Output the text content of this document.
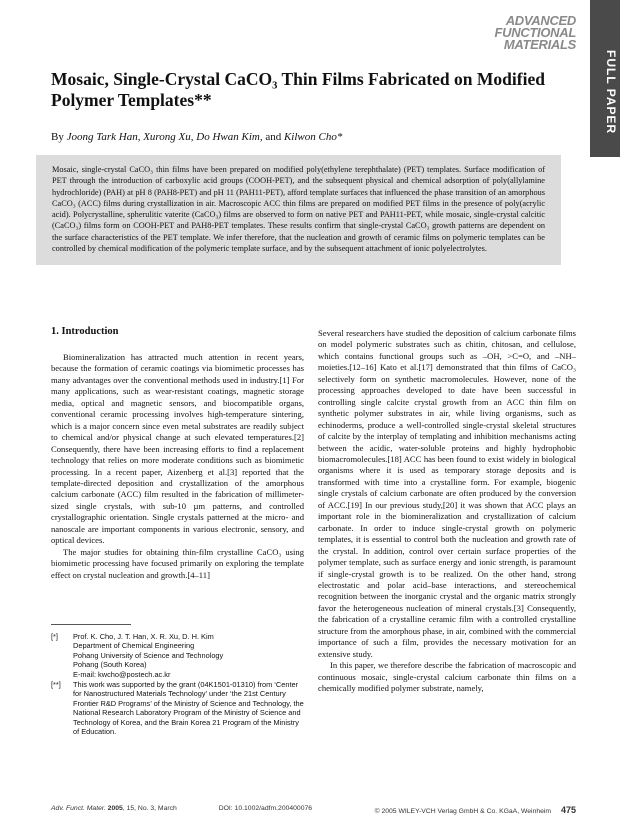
ADVANCED
FUNCTIONAL
MATERIALS
FULL PAPER
Mosaic, Single-Crystal CaCO₃ Thin Films Fabricated on Modified Polymer Templates**
By Joong Tark Han, Xurong Xu, Do Hwan Kim, and Kilwon Cho*
Mosaic, single-crystal CaCO₃ thin films have been prepared on modified poly(ethylene terephthalate) (PET) templates. Surface modification of PET through the introduction of carboxylic acid groups (COOH-PET), and the subsequent physical and chemical adsorption of poly(allylamine hydrochloride) (PAH) at pH 8 (PAH8-PET) and pH 11 (PAH11-PET), afford template surfaces that influenced the phase transition of an amorphous CaCO₃ (ACC) films during crystallization in air. Macroscopic ACC thin films are prepared on modified PET films in the presence of poly(acrylic acid). Polycrystalline, spherulitic vaterite (CaCO₃) films are observed to form on native PET and PAH11-PET, while mosaic, single-crystal calcitic (CaCO₃) films form on COOH-PET and PAH8-PET templates. These results confirm that single-crystal CaCO₃ growth patterns are dependent on the surface characteristics of the PET template. We infer therefore, that the nucleation and growth of ceramic films on polymeric templates can be controlled by chemical modification of the polymeric template surface, and by the subsequent attachment of ionic polyelectrolytes.
1. Introduction

Biomineralization has attracted much attention in recent years, because the formation of ceramic coatings via biomimetic processes has many advantages over the conventional methods used in industry.[1] For many applications, such as wear-resistant coatings, magnetic storage media, optical and magnetic sensors, and biocompatible organs, conventional ceramic processing involves high-temperature sintering, which is a major concern since even metal substrates are readily subject to chemical and/or physical change at such elevated temperatures.[2] Consequently, there have been increasing efforts to find a replacement technology that relies on more moderate conditions such as biomimetic processing. In a recent paper, Aizenberg et al.[3] reported that the template-directed deposition and crystallization of the amorphous calcium carbonate (ACC) film resulted in the fabrication of millimeter-sized single crystals, with sub-10 µm patterns, and controlled crystallographic orientation. Single crystals patterned at the micro- and nanoscale are important components in various electronic, sensory, and optical devices.

The major studies for obtaining thin-film crystalline CaCO₃ using biomimetic processing have focused primarily on exploring the template effect on crystal nucleation and growth.[4–11]

Several researchers have studied the deposition of calcium carbonate films on model polymeric substrates such as chitin, chitosan, and cellulose, which contains functional groups such as –OH, >C=O, and –NH– moieties.[12–16] Kato et al.[17] demonstrated that thin films of CaCO₃ selectively form on synthetic macromolecules. However, none of the processing approaches developed to date have been successful in controlling single calcite crystal growth from an ACC thin film on synthetic polymer substrates in air, while living organisms, such as echinoderms, produce a well-controlled single-crystal skeletal structures of calcite by the interplay of templating and inhibition mechanisms acting between the acidic, water-soluble proteins and highly hydrophobic biomacromolecules.[18] ACC has been found to exist widely in biological organisms where it is used as temporary storage deposits and is transformed with time into a crystalline form. For example, biogenic single crystals of calcium carbonate are often produced by the conversion of ACC.[19] In our previous study,[20] it was shown that ACC plays an important role in the biomineralization and crystallization of calcium carbonate. In order to induce single-crystal growth on polymeric templates, it is essential to control both the nucleation and growth rate of the crystal. In addition, control over certain surface properties of the polymer template, such as surface energy and ionic strength, is paramount if single-crystal growth is to be realized. On the other hand, strong electrostatic and polar acid–base interactions, and stereochemical recognition between the inorganic crystal and the organic matrix strongly favor the heterogeneous nucleation of mineral crystals.[3] Consequently, the fabrication of a crystalline ceramic film with a controlled crystalline structure from the amorphous phase, in air, combined with the commercial importance of such a film, provides the necessary motivation for an extensive study.

In this paper, we therefore describe the fabrication of macroscopic and continuous mosaic, single-crystal calcium carbonate thin films on a chemically modified polymer substrate, namely,

[*]	Prof. K. Cho, J. T. Han, X. R. Xu, D. H. Kim
Department of Chemical Engineering
Pohang University of Science and Technology
Pohang (South Korea)
E-mail: kwcho@postech.ac.kr
[**]	This work was supported by the grant (04K1501-01310) from ‘Center for Nanostructured Materials Technology’ under ‘the 21st Century Frontier R&D Programs’ of the Ministry of Science and Technology, the National Research Laboratory Program of the Ministry of Science and Technology of Korea, and the Brain Korea 21 Program of the Ministry of Education.
Adv. Funct. Mater. 2005, 15, No. 3, March	DOI: 10.1002/adfm.200400076	© 2005 WILEY-VCH Verlag GmbH & Co. KGaA, Weinheim 475
